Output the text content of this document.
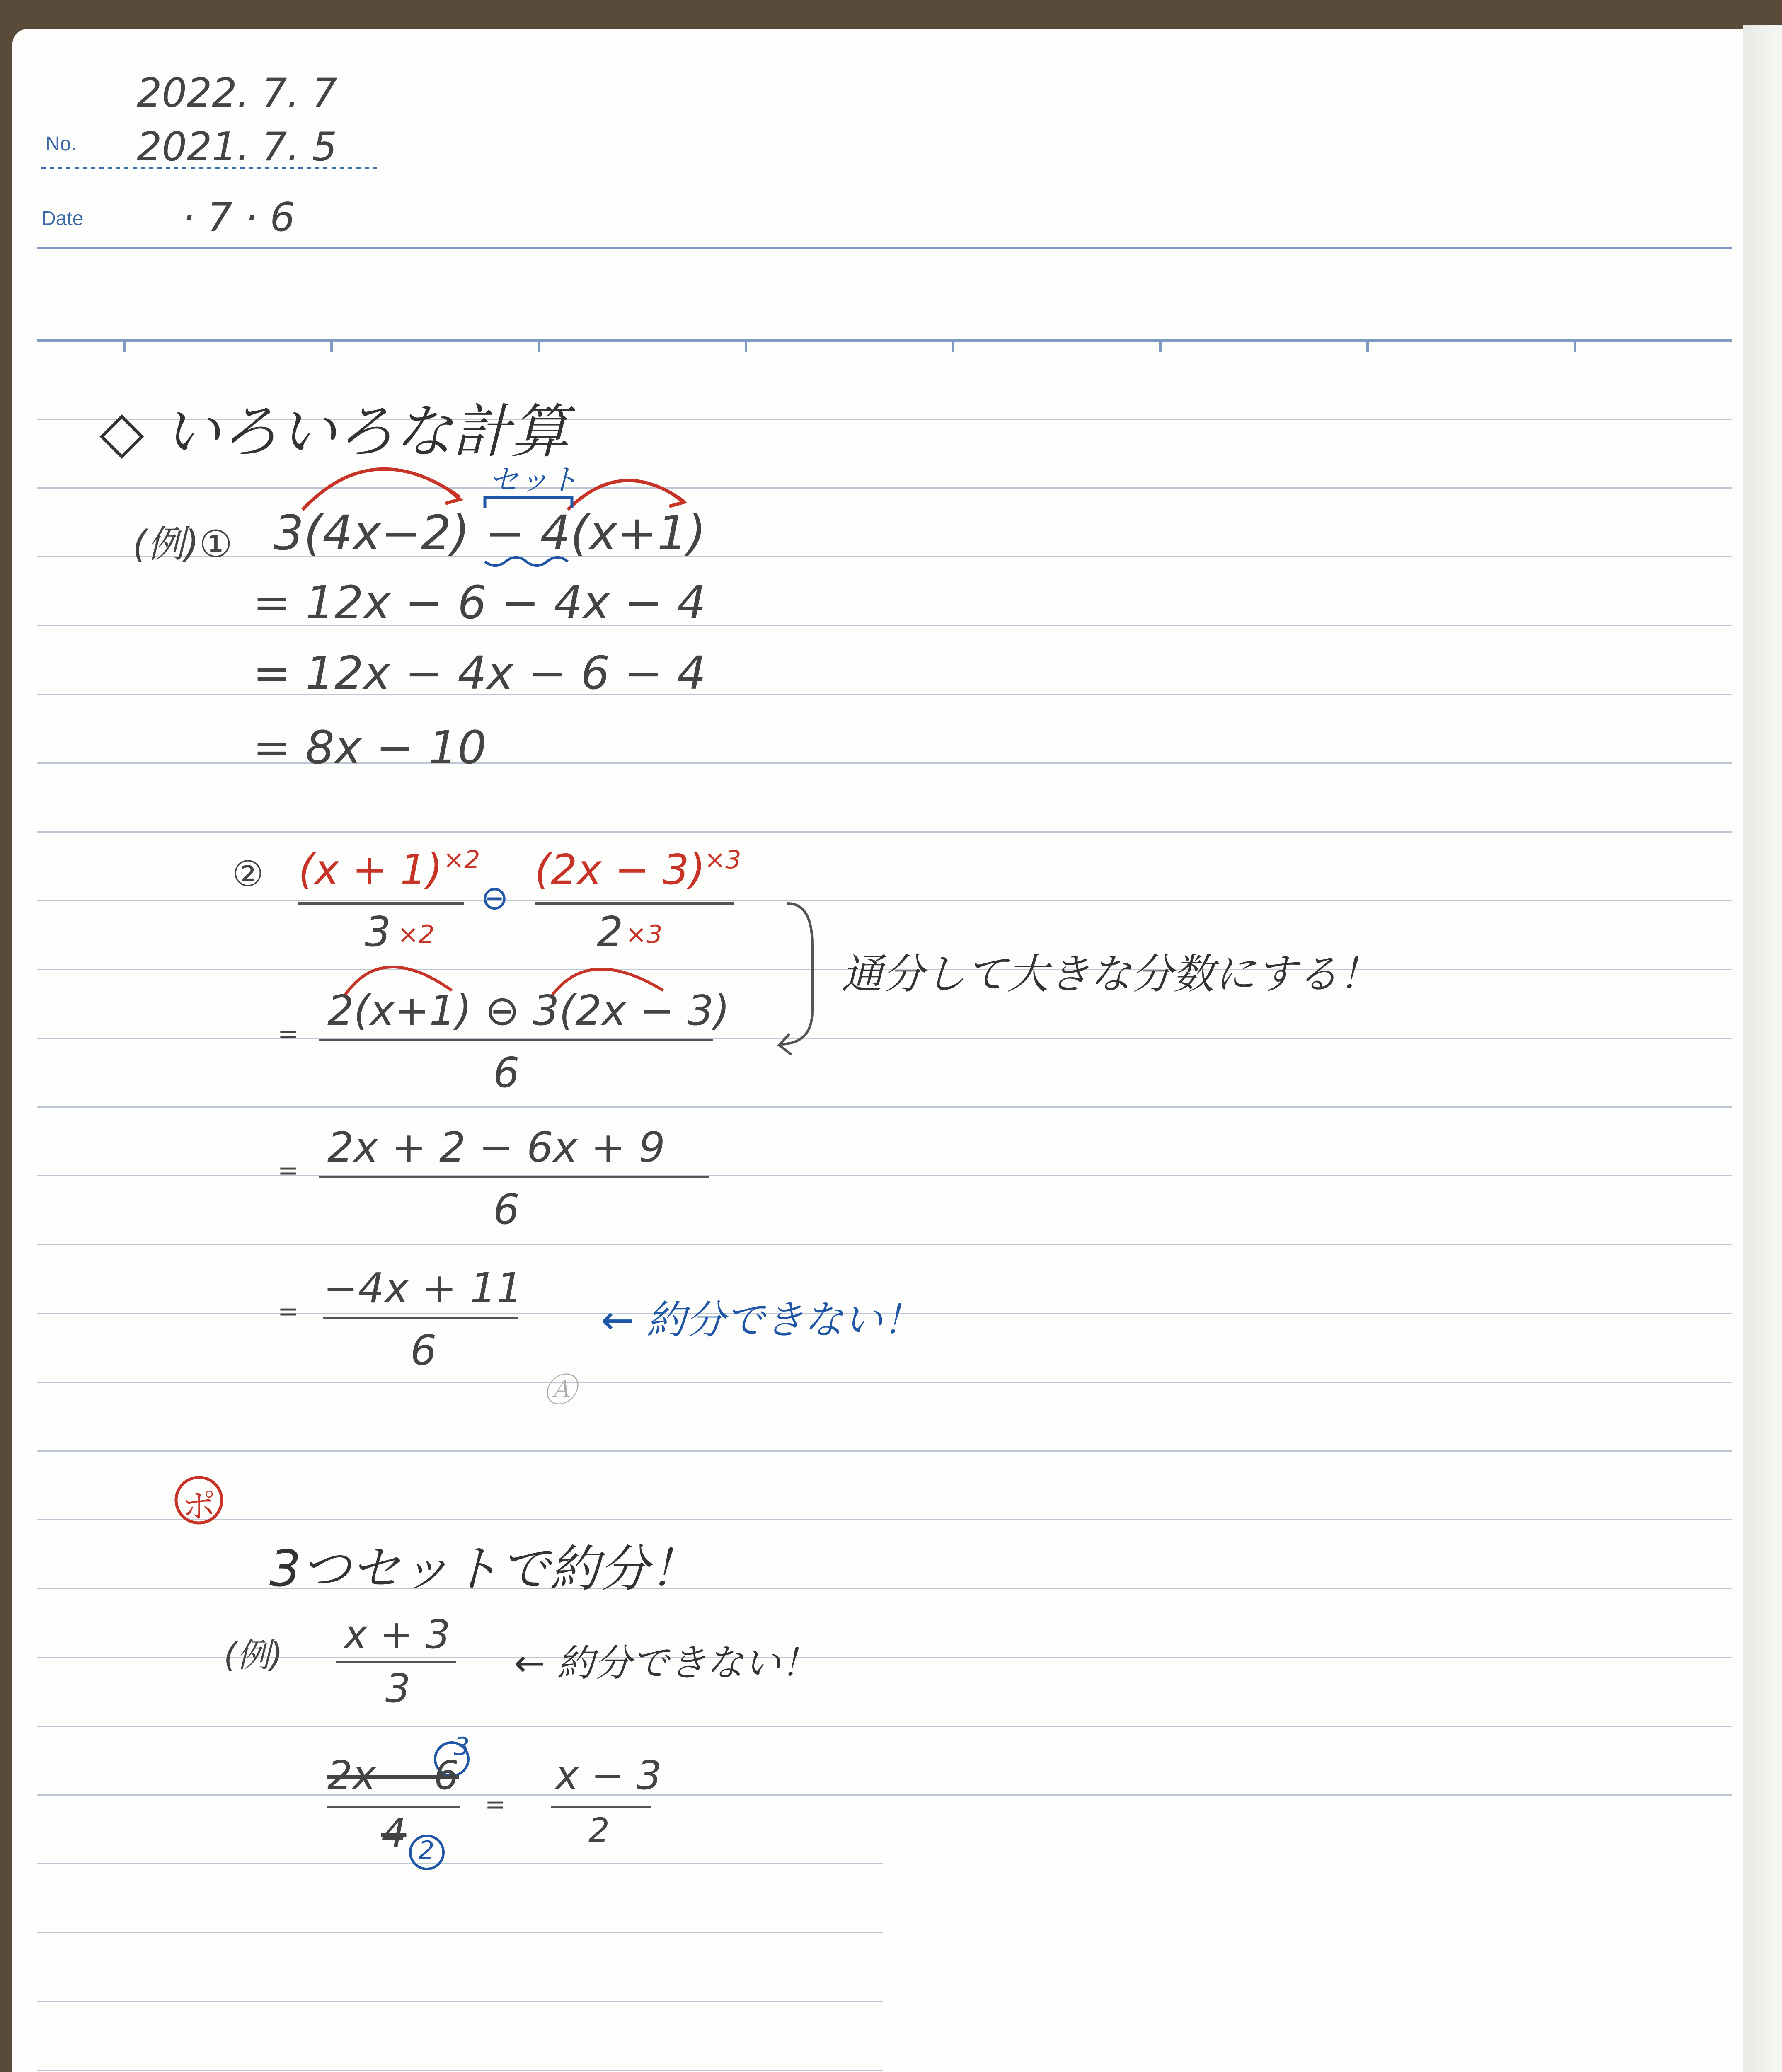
No.
Date
2022. 7. 7
2021. 7. 5
· 7 · 6
◇ いろいろな計算
(例)①
セット
3(4x−2) − 4(x+1)
= 12x − 6 − 4x − 4
= 12x − 4x − 6 − 4
= 8x − 10
② (x + 1) ×2
3 ×2
⊖
(2x − 3)
×3
2 ×3
= 2(x+1) ⊖ 3(2x − 3)
6
通分して大きな分数にする！
= 2x + 2 − 6x + 9
6
= −4x + 11
6
← 約分できない！
Ⓐ
ポ
3つセットで約分！
(例) x + 3
3
← 約分できない！
2x − 6
3
4 2
=
x − 3
2
